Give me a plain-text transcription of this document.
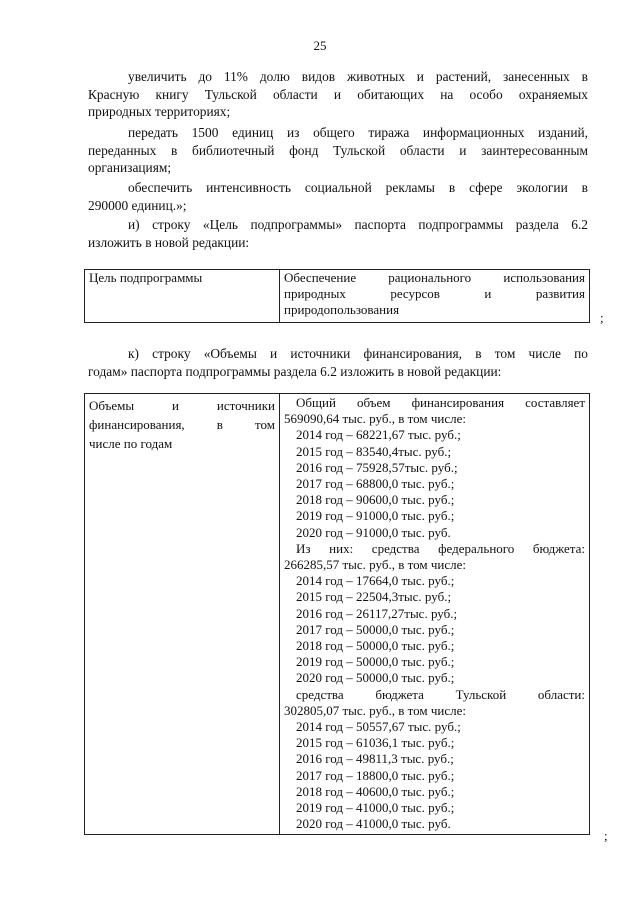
25
увеличить до 11% долю видов животных и растений, занесенных в
Красную книгу Тульской области и обитающих на особо охраняемых
природных территориях;
передать 1500 единиц из общего тиража информационных изданий,
переданных в библиотечный фонд Тульской области и заинтересованным
организациям;
обеспечить интенсивность социальной рекламы в сфере экологии в
290000 единиц.»;
и) строку «Цель подпрограммы» паспорта подпрограммы раздела 6.2
изложить в новой редакции:
Цель подпрограммы	Обеспечение рационального использования
природных ресурсов и развития
природопользования
;
к) строку «Объемы и источники финансирования, в том числе по
годам» паспорта подпрограммы раздела 6.2 изложить в новой редакции:
Объемы и источники
финансирования, в том
числе по годам

Общий объем финансирования составляет
569090,64 тыс. руб., в том числе:
2014 год – 68221,67 тыс. руб.;
2015 год – 83540,4тыс. руб.;
2016 год – 75928,57тыс. руб.;
2017 год – 68800,0 тыс. руб.;
2018 год – 90600,0 тыс. руб.;
2019 год – 91000,0 тыс. руб.;
2020 год – 91000,0 тыс. руб.
Из них: средства федерального бюджета:
266285,57 тыс. руб., в том числе:
2014 год – 17664,0 тыс. руб.;
2015 год – 22504,3тыс. руб.;
2016 год – 26117,27тыс. руб.;
2017 год – 50000,0 тыс. руб.;
2018 год – 50000,0 тыс. руб.;
2019 год – 50000,0 тыс. руб.;
2020 год – 50000,0 тыс. руб.;
средства бюджета Тульской области:
302805,07 тыс. руб., в том числе:
2014 год – 50557,67 тыс. руб.;
2015 год – 61036,1 тыс. руб.;
2016 год – 49811,3 тыс. руб.;
2017 год – 18800,0 тыс. руб.;
2018 год – 40600,0 тыс. руб.;
2019 год – 41000,0 тыс. руб.;
2020 год – 41000,0 тыс. руб.
;
